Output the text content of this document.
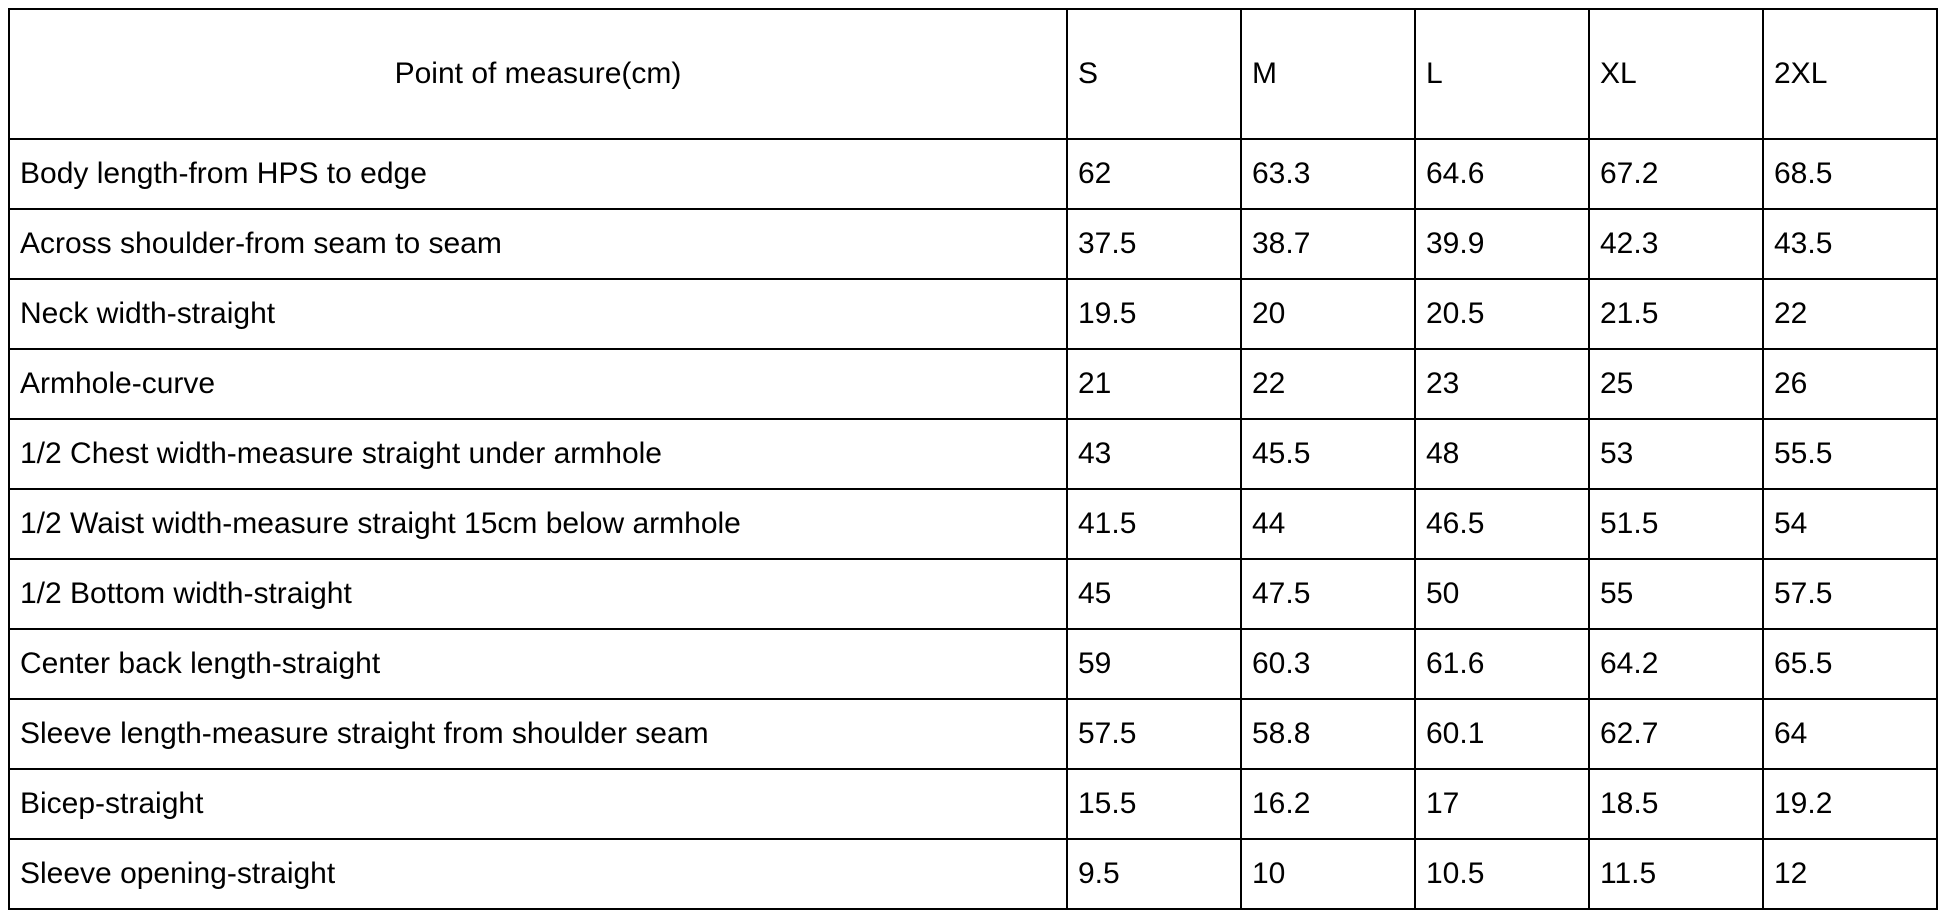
Point of measure(cm)	S	M	L	XL	2XL
Body length-from HPS to edge	62	63.3	64.6	67.2	68.5
Across shoulder-from seam to seam	37.5	38.7	39.9	42.3	43.5
Neck width-straight	19.5	20	20.5	21.5	22
Armhole-curve	21	22	23	25	26
1/2 Chest width-measure straight under armhole	43	45.5	48	53	55.5
1/2 Waist width-measure straight 15cm below armhole	41.5	44	46.5	51.5	54
1/2 Bottom width-straight	45	47.5	50	55	57.5
Center back length-straight	59	60.3	61.6	64.2	65.5
Sleeve length-measure straight from shoulder seam	57.5	58.8	60.1	62.7	64
Bicep-straight	15.5	16.2	17	18.5	19.2
Sleeve opening-straight	9.5	10	10.5	11.5	12
